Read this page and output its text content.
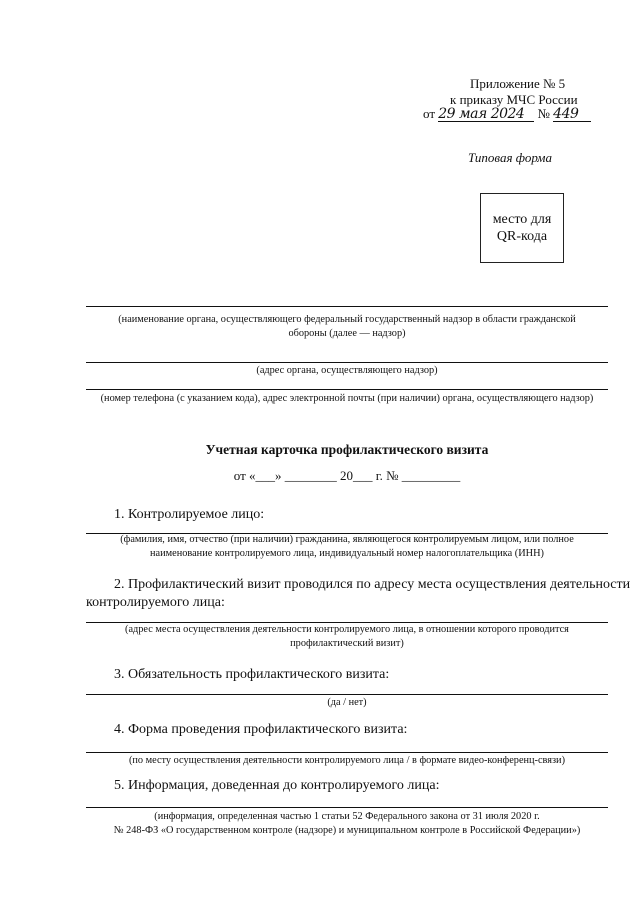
Приложение № 5
к приказу МЧС России
от 29 мая 2024 № 449
Типовая форма
место для
QR-кода
(наименование органа, осуществляющего федеральный государственный надзор в области гражданской
обороны (далее — надзор)
(адрес органа, осуществляющего надзор)
(номер телефона (с указанием кода), адрес электронной почты (при наличии) органа, осуществляющего надзор)
Учетная карточка профилактического визита
от «___» ________ 20___ г. № _________
1. Контролируемое лицо:
(фамилия, имя, отчество (при наличии) гражданина, являющегося контролируемым лицом, или полное
наименование контролируемого лица, индивидуальный номер налогоплательщика (ИНН)
2. Профилактический визит проводился по адресу места осуществления деятельности
контролируемого лица:
(адрес места осуществления деятельности контролируемого лица, в отношении которого проводится
профилактический визит)
3. Обязательность профилактического визита:
(да / нет)
4. Форма проведения профилактического визита:
(по месту осуществления деятельности контролируемого лица / в формате видео-конференц-связи)
5. Информация, доведенная до контролируемого лица:
(информация, определенная частью 1 статьи 52 Федерального закона от 31 июля 2020 г.
№ 248-ФЗ «О государственном контроле (надзоре) и муниципальном контроле в Российской Федерации»)
